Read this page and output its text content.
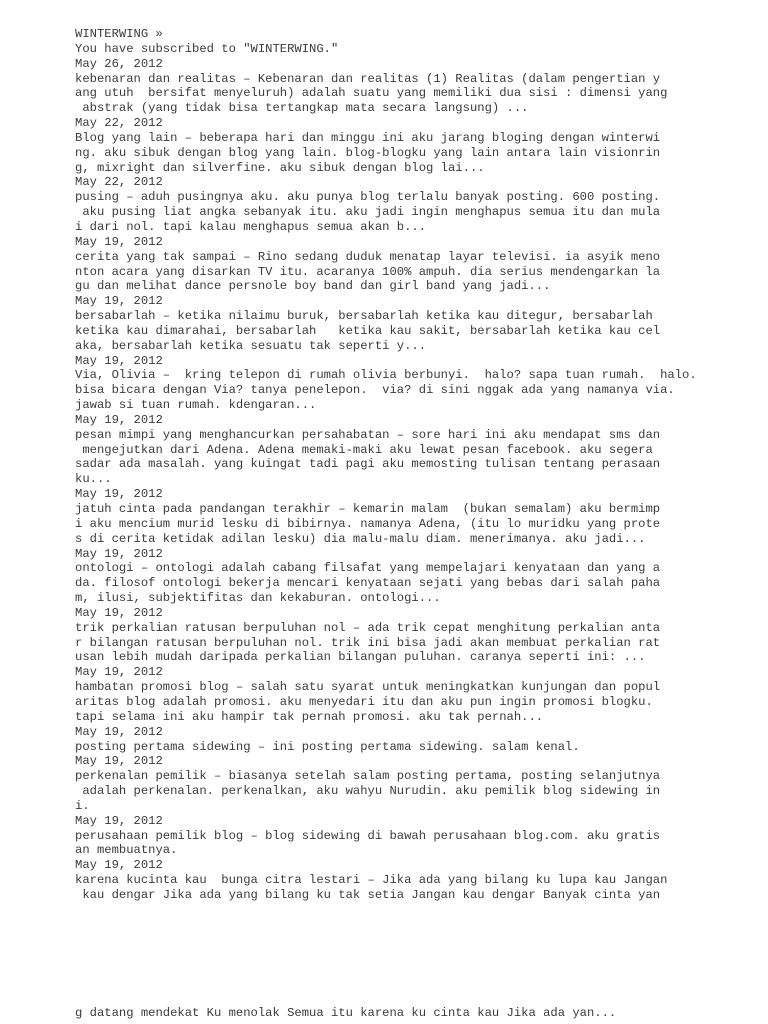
WINTERWING »
You have subscribed to "WINTERWING."
May 26, 2012
kebenaran dan realitas – Kebenaran dan realitas (1) Realitas (dalam pengertian y
ang utuh  bersifat menyeluruh) adalah suatu yang memiliki dua sisi : dimensi yang
abstrak (yang tidak bisa tertangkap mata secara langsung) ...
May 22, 2012
Blog yang lain – beberapa hari dan minggu ini aku jarang bloging dengan winterwi
ng. aku sibuk dengan blog yang lain. blog-blogku yang lain antara lain visionrin
g, mixright dan silverfine. aku sibuk dengan blog lai...
May 22, 2012
pusing – aduh pusingnya aku. aku punya blog terlalu banyak posting. 600 posting.
aku pusing liat angka sebanyak itu. aku jadi ingin menghapus semua itu dan mula
i dari nol. tapi kalau menghapus semua akan b...
May 19, 2012
cerita yang tak sampai – Rino sedang duduk menatap layar televisi. ia asyik meno
nton acara yang disarkan TV itu. acaranya 100% ampuh. dia serius mendengarkan la
gu dan melihat dance persnole boy band dan girl band yang jadi...
May 19, 2012
bersabarlah – ketika nilaimu buruk, bersabarlah ketika kau ditegur, bersabarlah
ketika kau dimarahai, bersabarlah   ketika kau sakit, bersabarlah ketika kau cel
aka, bersabarlah ketika sesuatu tak seperti y...
May 19, 2012
Via, Olivia –  kring telepon di rumah olivia berbunyi.  halo? sapa tuan rumah.  halo.
bisa bicara dengan Via? tanya penelepon.  via? di sini nggak ada yang namanya via.
jawab si tuan rumah. kdengaran...
May 19, 2012
pesan mimpi yang menghancurkan persahabatan – sore hari ini aku mendapat sms dan
mengejutkan dari Adena. Adena memaki-maki aku lewat pesan facebook. aku segera
sadar ada masalah. yang kuingat tadi pagi aku memosting tulisan tentang perasaan
ku...
May 19, 2012
jatuh cinta pada pandangan terakhir – kemarin malam  (bukan semalam) aku bermimp
i aku mencium murid lesku di bibirnya. namanya Adena, (itu lo muridku yang prote
s di cerita ketidak adilan lesku) dia malu-malu diam. menerimanya. aku jadi...
May 19, 2012
ontologi – ontologi adalah cabang filsafat yang mempelajari kenyataan dan yang a
da. filosof ontologi bekerja mencari kenyataan sejati yang bebas dari salah paha
m, ilusi, subjektifitas dan kekaburan. ontologi...
May 19, 2012
trik perkalian ratusan berpuluhan nol – ada trik cepat menghitung perkalian anta
r bilangan ratusan berpuluhan nol. trik ini bisa jadi akan membuat perkalian rat
usan lebih mudah daripada perkalian bilangan puluhan. caranya seperti ini: ...
May 19, 2012
hambatan promosi blog – salah satu syarat untuk meningkatkan kunjungan dan popul
aritas blog adalah promosi. aku menyedari itu dan aku pun ingin promosi blogku.
tapi selama ini aku hampir tak pernah promosi. aku tak pernah...
May 19, 2012
posting pertama sidewing – ini posting pertama sidewing. salam kenal.
May 19, 2012
perkenalan pemilik – biasanya setelah salam posting pertama, posting selanjutnya
adalah perkenalan. perkenalkan, aku wahyu Nurudin. aku pemilik blog sidewing in
i.
May 19, 2012
perusahaan pemilik blog – blog sidewing di bawah perusahaan blog.com. aku gratis
an membuatnya.
May 19, 2012
karena kucinta kau  bunga citra lestari – Jika ada yang bilang ku lupa kau Jangan
kau dengar Jika ada yang bilang ku tak setia Jangan kau dengar Banyak cinta yan
g datang mendekat Ku menolak Semua itu karena ku cinta kau Jika ada yan...
